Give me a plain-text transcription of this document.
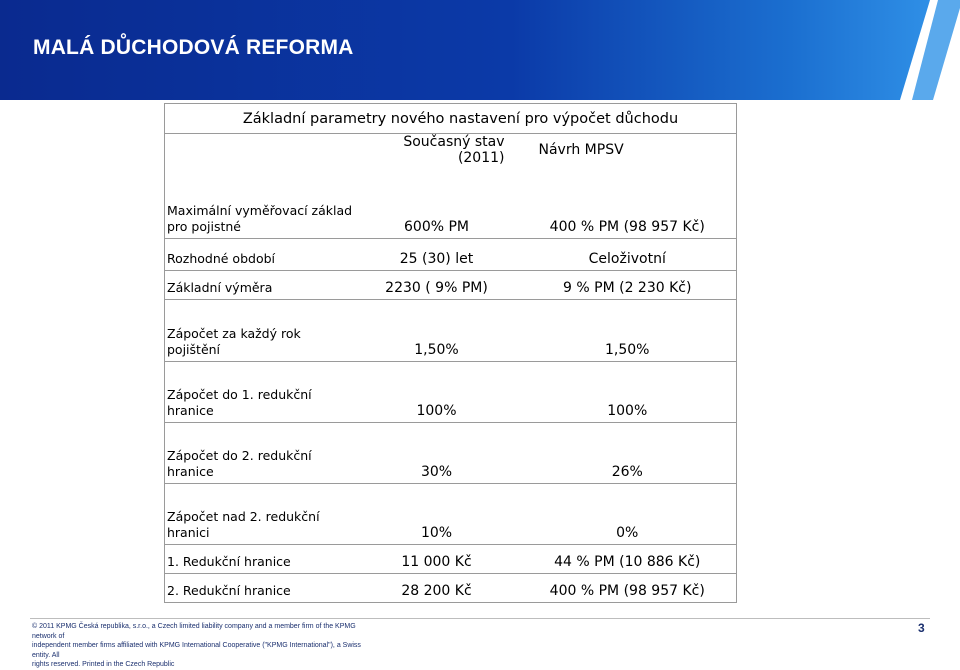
MALÁ DŮCHODOVÁ REFORMA
Základní parametry nového nastavení pro výpočet důchodu		
	Současný stav (2011)	Návrh MPSV

Maximální vyměřovací základ
pro pojistné	600% PM	400 % PM (98 957 Kč)

Rozhodné období	25 (30) let	Celoživotní

Základní výměra	2230 ( 9% PM)	9 % PM (2 230 Kč)

Zápočet za každý rok pojištění	1,50%	1,50%

Zápočet do 1. redukční
hranice	100%	100%

Zápočet do 2. redukční
hranice	30%	26%

Zápočet nad 2. redukční
hranici	10%	0%

1. Redukční hranice	11 000 Kč	44 % PM (10 886 Kč)

2. Redukční hranice	28 200 Kč	400 % PM (98 957 Kč)
© 2011 KPMG Česká republika, s.r.o., a Czech limited liability company and a member firm of the KPMG network of
independent member firms affiliated with KPMG International Cooperative ("KPMG International"), a Swiss entity. All
rights reserved. Printed in the Czech Republic
3
